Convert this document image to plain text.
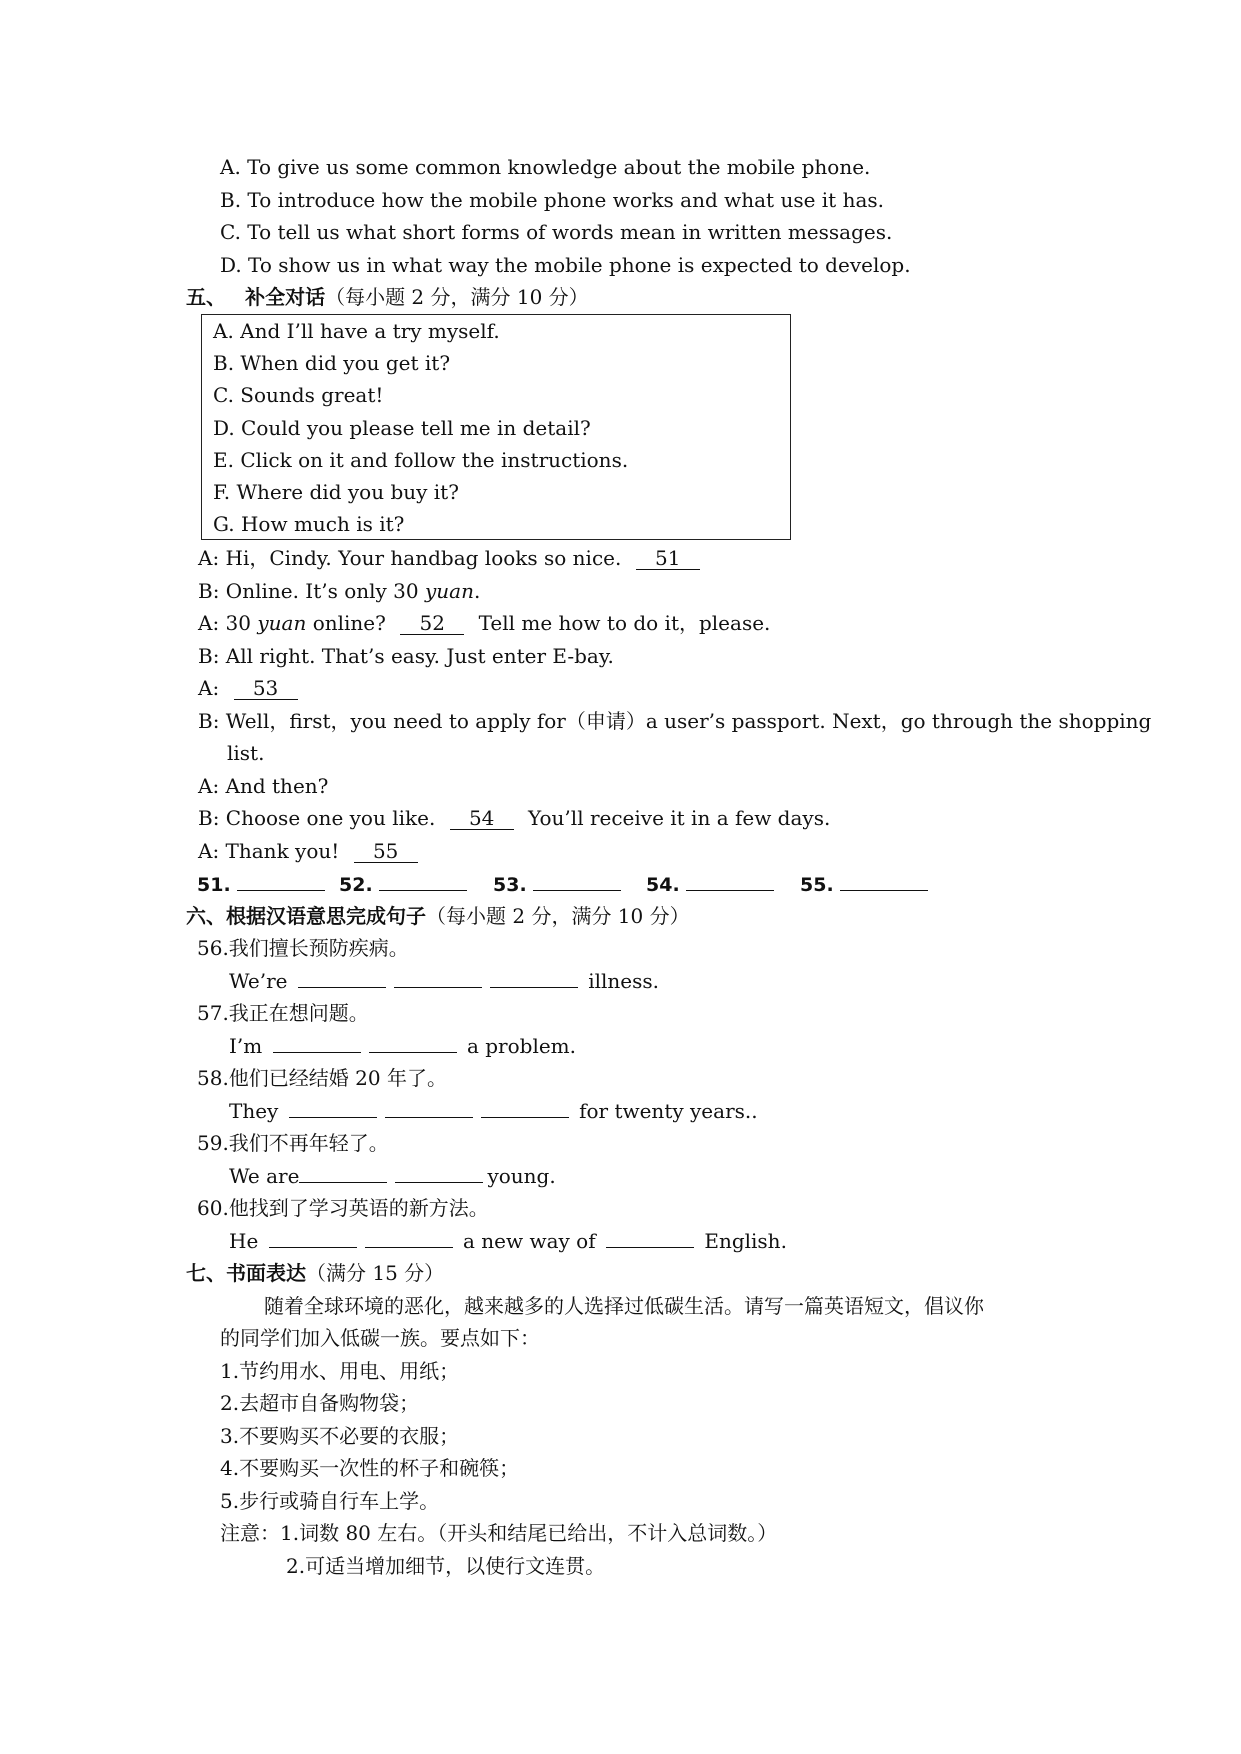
A. To give us some common knowledge about the mobile phone.
B. To introduce how the mobile phone works and what use it has.
C. To tell us what short forms of words mean in written messages.
D. To show us in what way the mobile phone is expected to develop.
五、 补全对话（每小题 2 分，满分 10 分）
A. And I’ll have a try myself.
B. When did you get it?
C. Sounds great!
D. Could you please tell me in detail?
E. Click on it and follow the instructions.
F. Where did you buy it?
G. How much is it?
A: Hi，Cindy. Your handbag looks so nice. 51
B: Online. It’s only 30 yuan.
A: 30 yuan online? 52 Tell me how to do it，please.
B: All right. That’s easy. Just enter E-bay.
A: 53
B: Well，first，you need to apply for（申请）a user’s passport. Next，go through the shopping
list.
A: And then?
B: Choose one you like. 54 You’ll receive it in a few days.
A: Thank you! 55
51.	52.	53.	54.	55.
六、根据汉语意思完成句子（每小题 2 分，满分 10 分）
56.我们擅长预防疾病。
We’re	illness.
57.我正在想问题。
I’m	a problem.
58.他们已经结婚 20 年了。
They	for twenty years..
59.我们不再年轻了。
We are	young.
60.他找到了学习英语的新方法。
He	a new way of	English.
七、书面表达（满分 15 分）
随着全球环境的恶化，越来越多的人选择过低碳生活。请写一篇英语短文，倡议你
的同学们加入低碳一族。要点如下：
1.节约用水、用电、用纸；
2.去超市自备购物袋；
3.不要购买不必要的衣服；
4.不要购买一次性的杯子和碗筷；
5.步行或骑自行车上学。
注意：1.词数 80 左右。（开头和结尾已给出，不计入总词数。）
2.可适当增加细节，以使行文连贯。
